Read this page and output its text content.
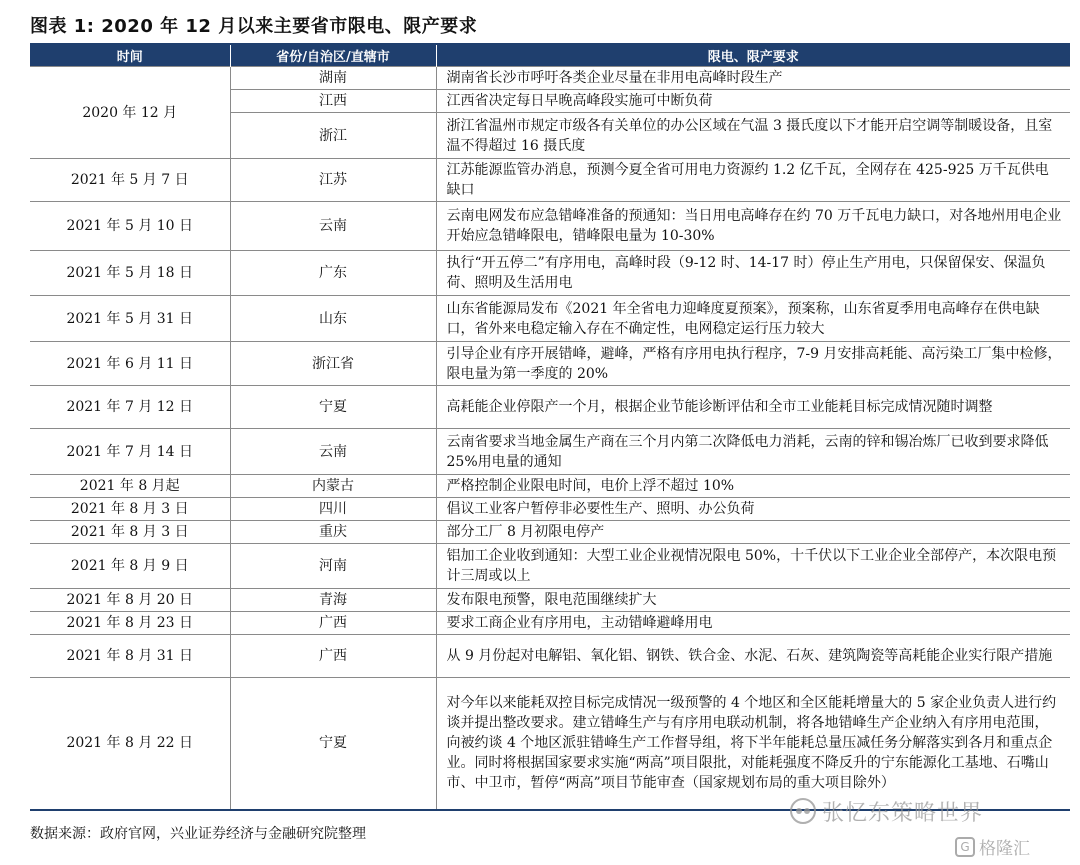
图表 1: 2020 年 12 月以来主要省市限电、限产要求
时间	省份/自治区/直辖市	限电、限产要求
2020 年 12 月	湖南	湖南省长沙市呼吁各类企业尽量在非用电高峰时段生产
	江西	江西省决定每日早晚高峰段实施可中断负荷
	浙江	浙江省温州市规定市级各有关单位的办公区域在气温 3 摄氏度以下才能开启空调等制暖设备，且室温不得超过 16 摄氏度
2021 年 5 月 7 日	江苏	江苏能源监管办消息，预测今夏全省可用电力资源约 1.2 亿千瓦，全网存在 425-925 万千瓦供电缺口
2021 年 5 月 10 日	云南	云南电网发布应急错峰准备的预通知：当日用电高峰存在约 70 万千瓦电力缺口，对各地州用电企业开始应急错峰限电，错峰限电量为 10-30%
2021 年 5 月 18 日	广东	执行“开五停二”有序用电，高峰时段（9-12 时、14-17 时）停止生产用电，只保留保安、保温负荷、照明及生活用电
2021 年 5 月 31 日	山东	山东省能源局发布《2021 年全省电力迎峰度夏预案》，预案称，山东省夏季用电高峰存在供电缺口，省外来电稳定输入存在不确定性，电网稳定运行压力较大
2021 年 6 月 11 日	浙江省	引导企业有序开展错峰，避峰，严格有序用电执行程序，7-9 月安排高耗能、高污染工厂集中检修，限电量为第一季度的 20%
2021 年 7 月 12 日	宁夏	高耗能企业停限产一个月，根据企业节能诊断评估和全市工业能耗目标完成情况随时调整
2021 年 7 月 14 日	云南	云南省要求当地金属生产商在三个月内第二次降低电力消耗，云南的锌和锡冶炼厂已收到要求降低 25%用电量的通知
2021 年 8 月起	内蒙古	严格控制企业限电时间，电价上浮不超过 10%
2021 年 8 月 3 日	四川	倡议工业客户暂停非必要性生产、照明、办公负荷
2021 年 8 月 3 日	重庆	部分工厂 8 月初限电停产
2021 年 8 月 9 日	河南	铝加工企业收到通知：大型工业企业视情况限电 50%，十千伏以下工业企业全部停产，本次限电预计三周或以上
2021 年 8 月 20 日	青海	发布限电预警，限电范围继续扩大
2021 年 8 月 23 日	广西	要求工商企业有序用电，主动错峰避峰用电
2021 年 8 月 31 日	广西	从 9 月份起对电解铝、氧化铝、钢铁、铁合金、水泥、石灰、建筑陶瓷等高耗能企业实行限产措施
2021 年 8 月 22 日	宁夏	对今年以来能耗双控目标完成情况一级预警的 4 个地区和全区能耗增量大的 5 家企业负责人进行约谈并提出整改要求。建立错峰生产与有序用电联动机制，将各地错峰生产企业纳入有序用电范围，向被约谈 4 个地区派驻错峰生产工作督导组，将下半年能耗总量压减任务分解落实到各月和重点企业。同时将根据国家要求实施“两高”项目限批，对能耗强度不降反升的宁东能源化工基地、石嘴山市、中卫市，暂停“两高”项目节能审查（国家规划布局的重大项目除外）
张忆东策略世界
数据来源：政府官网，兴业证券经济与金融研究院整理
G 格隆汇
